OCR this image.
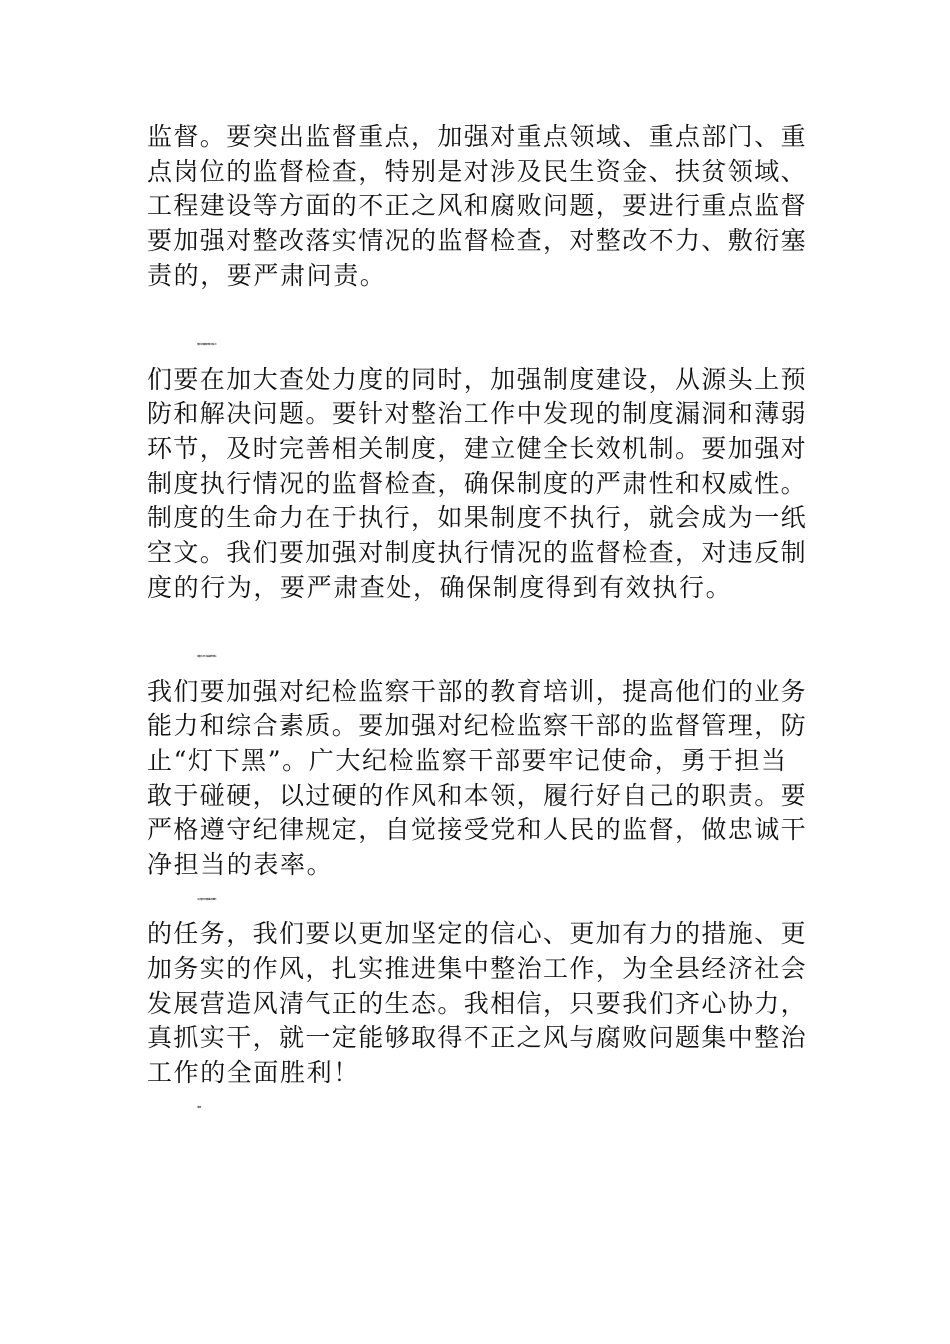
监督。要突出监督重点，加强对重点领域、重点部门、重
点岗位的监督检查，特别是对涉及民生资金、扶贫领域、
工程建设等方面的不正之风和腐败问题，要进行重点监督
要加强对整改落实情况的监督检查，对整改不力、敷衍塞
责的，要严肃问责。
整治不正之风与腐败问题，既要治标，更要治本。我
们要在加大查处力度的同时，加强制度建设，从源头上预
防和解决问题。要针对整治工作中发现的制度漏洞和薄弱
环节，及时完善相关制度，建立健全长效机制。要加强对
制度执行情况的监督检查，确保制度的严肃性和权威性。
制度的生命力在于执行，如果制度不执行，就会成为一纸
空文。我们要加强对制度执行情况的监督检查，对违反制
度的行为，要严肃查处，确保制度得到有效执行。
做好整治工作，需要一支高素质的纪检监察干部队伍。
我们要加强对纪检监察干部的教育培训，提高他们的业务
能力和综合素质。要加强对纪检监察干部的监督管理，防
止“灯下黑”。广大纪检监察干部要牢记使命，勇于担当
敢于碰硬，以过硬的作风和本领，履行好自己的职责。要
严格遵守纪律规定，自觉接受党和人民的监督，做忠诚干
净担当的表率。
同志们，整治不正之风与腐败问题是一项长期而艰巨
的任务，我们要以更加坚定的信心、更加有力的措施、更
加务实的作风，扎实推进集中整治工作，为全县经济社会
发展营造风清气正的生态。我相信，只要我们齐心协力，
真抓实干，就一定能够取得不正之风与腐败问题集中整治
工作的全面胜利！
谢谢大家！
